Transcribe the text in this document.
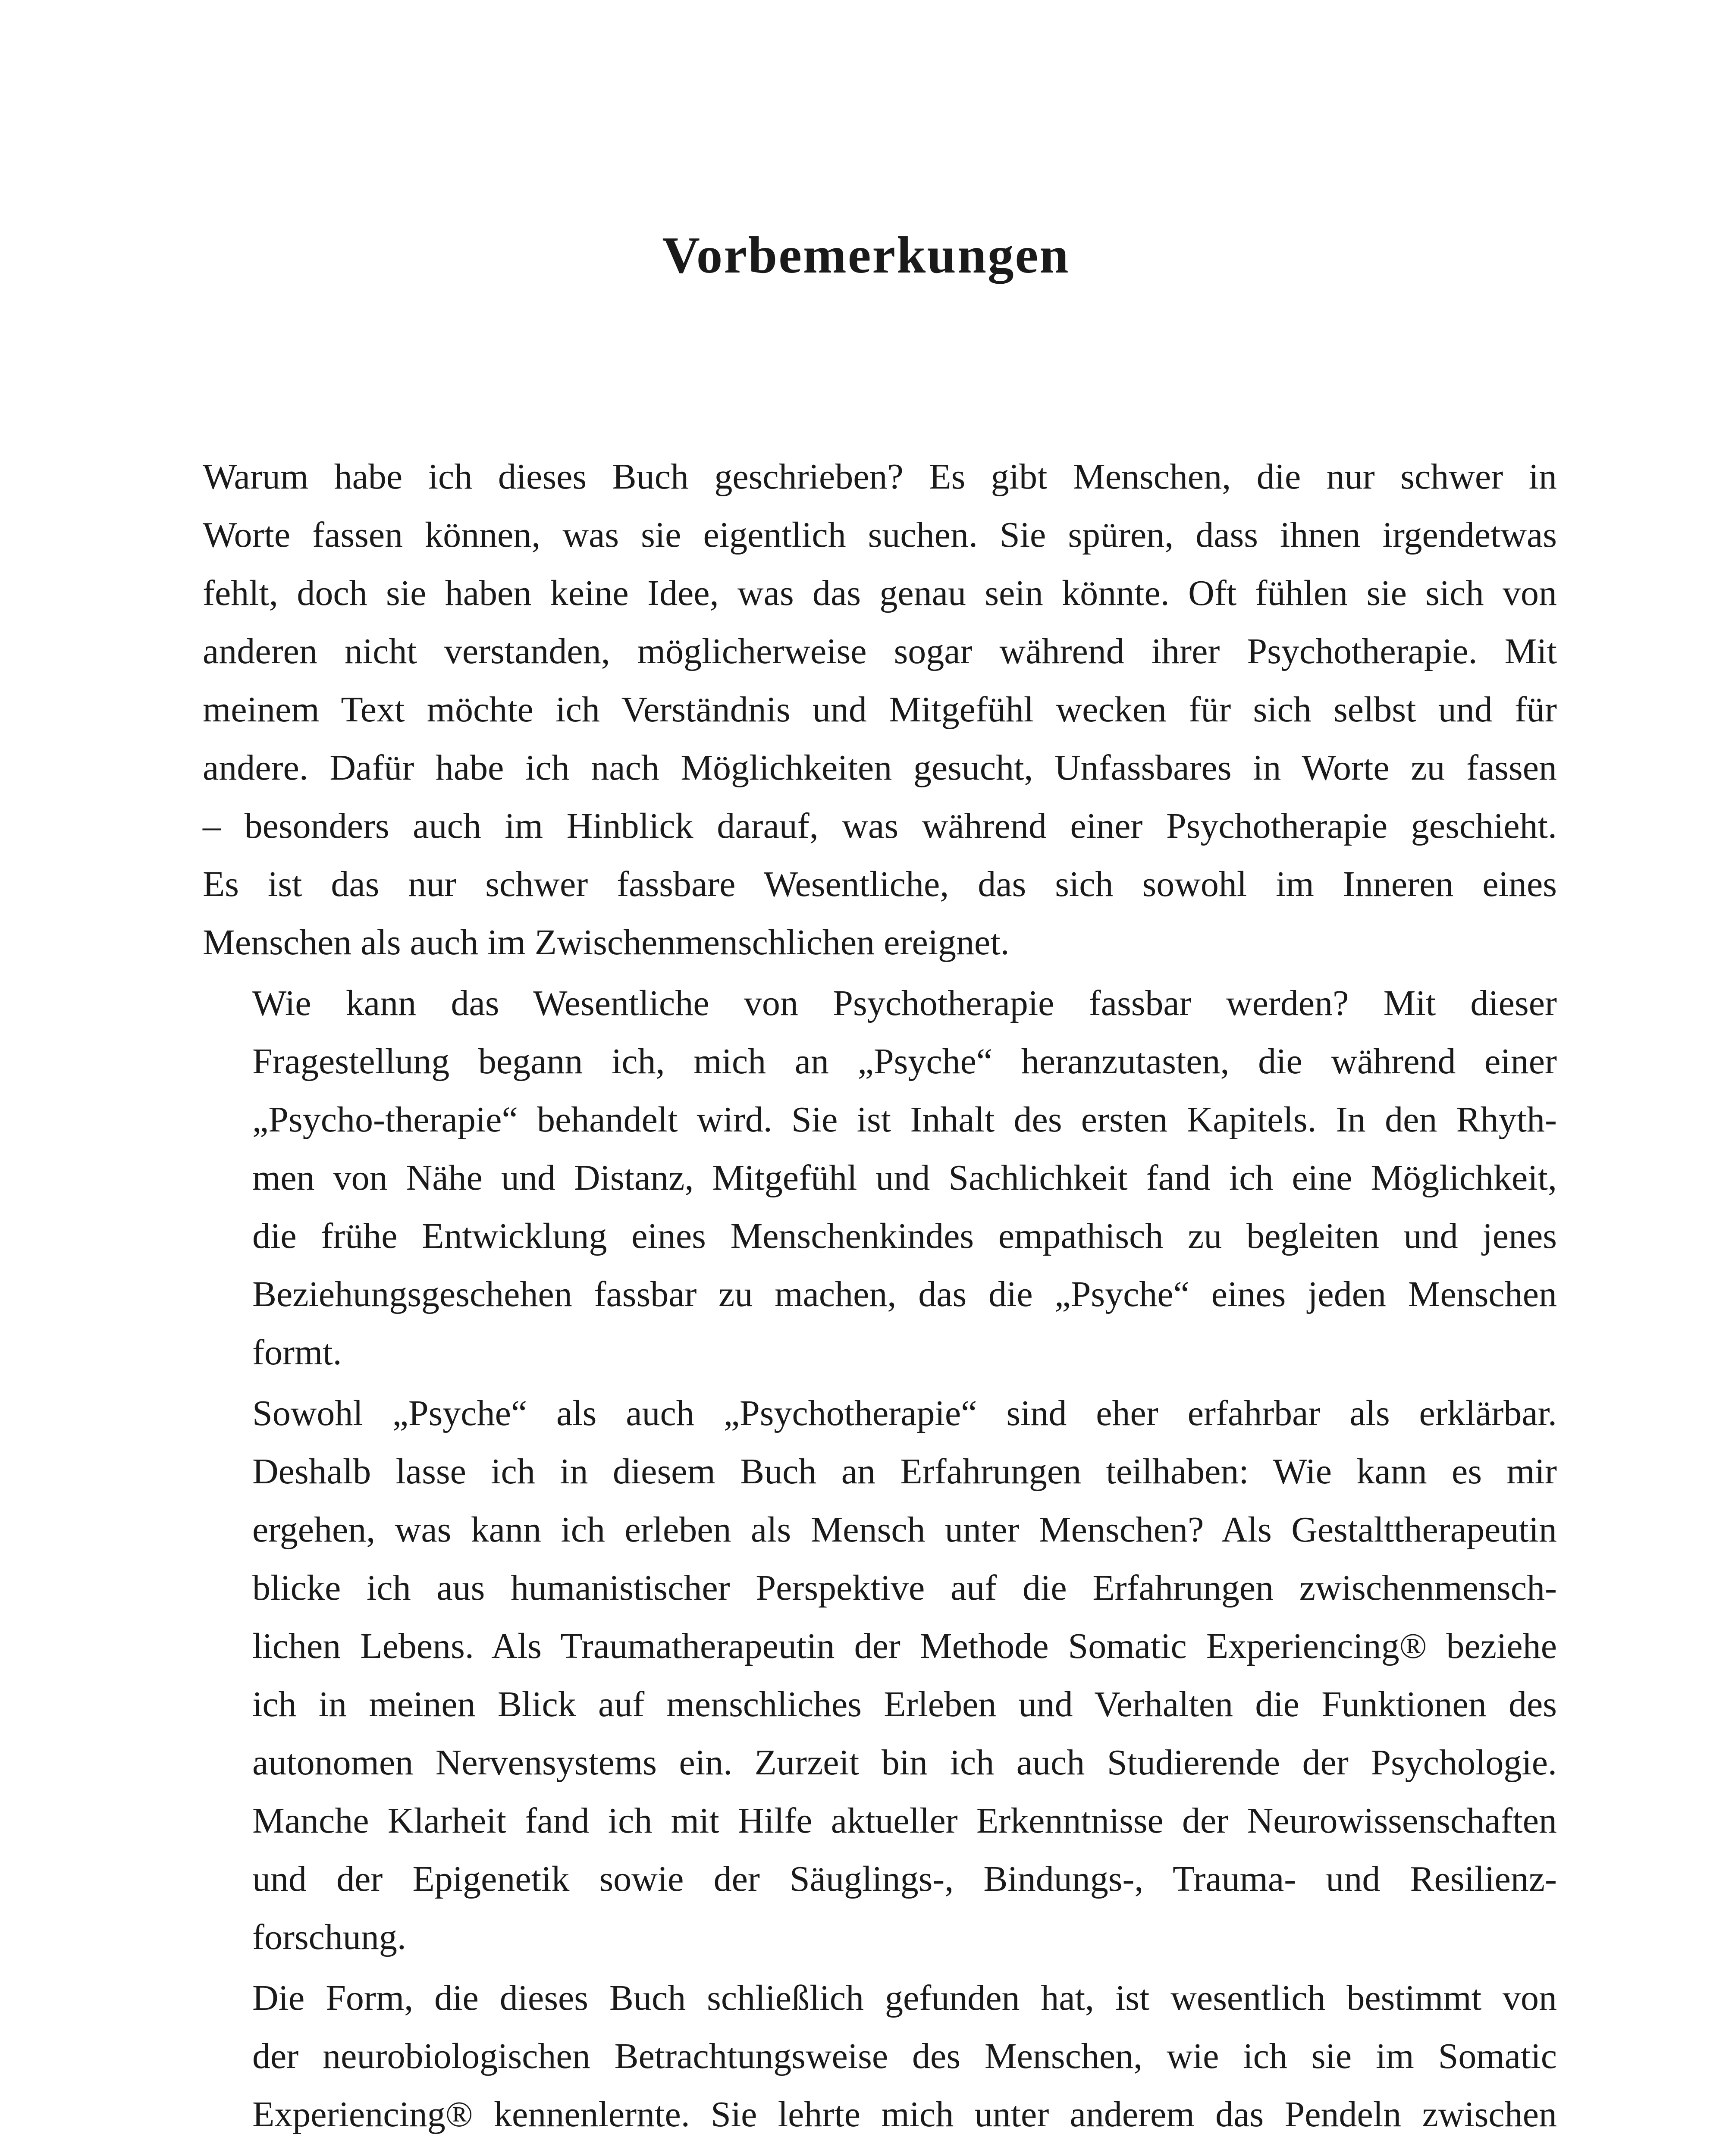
Vorbemerkungen

Warum habe ich dieses Buch geschrieben? Es gibt Menschen, die nur schwer in
Worte fassen können, was sie eigentlich suchen. Sie spüren, dass ihnen irgendetwas
fehlt, doch sie haben keine Idee, was das genau sein könnte. Oft fühlen sie sich von
anderen nicht verstanden, möglicherweise sogar während ihrer Psychotherapie. Mit
meinem Text möchte ich Verständnis und Mitgefühl wecken für sich selbst und für
andere. Dafür habe ich nach Möglichkeiten gesucht, Unfassbares in Worte zu fassen
– besonders auch im Hinblick darauf, was während einer Psychotherapie geschieht.
Es ist das nur schwer fassbare Wesentliche, das sich sowohl im Inneren eines
Menschen als auch im Zwischenmenschlichen ereignet.

Wie kann das Wesentliche von Psychotherapie fassbar werden? Mit dieser
Fragestellung begann ich, mich an „Psyche“ heranzutasten, die während einer
„Psycho-therapie“ behandelt wird. Sie ist Inhalt des ersten Kapitels. In den Rhyth-
men von Nähe und Distanz, Mitgefühl und Sachlichkeit fand ich eine Möglichkeit,
die frühe Entwicklung eines Menschenkindes empathisch zu begleiten und jenes
Beziehungsgeschehen fassbar zu machen, das die „Psyche“ eines jeden Menschen
formt.

Sowohl „Psyche“ als auch „Psychotherapie“ sind eher erfahrbar als erklärbar.
Deshalb lasse ich in diesem Buch an Erfahrungen teilhaben: Wie kann es mir
ergehen, was kann ich erleben als Mensch unter Menschen? Als Gestalttherapeutin
blicke ich aus humanistischer Perspektive auf die Erfahrungen zwischenmensch-
lichen Lebens. Als Traumatherapeutin der Methode Somatic Experiencing® beziehe
ich in meinen Blick auf menschliches Erleben und Verhalten die Funktionen des
autonomen Nervensystems ein. Zurzeit bin ich auch Studierende der Psychologie.
Manche Klarheit fand ich mit Hilfe aktueller Erkenntnisse der Neurowissenschaften
und der Epigenetik sowie der Säuglings-, Bindungs-, Trauma- und Resilienz-
forschung.

Die Form, die dieses Buch schließlich gefunden hat, ist wesentlich bestimmt von
der neurobiologischen Betrachtungsweise des Menschen, wie ich sie im Somatic
Experiencing® kennenlernte. Sie lehrte mich unter anderem das Pendeln zwischen
